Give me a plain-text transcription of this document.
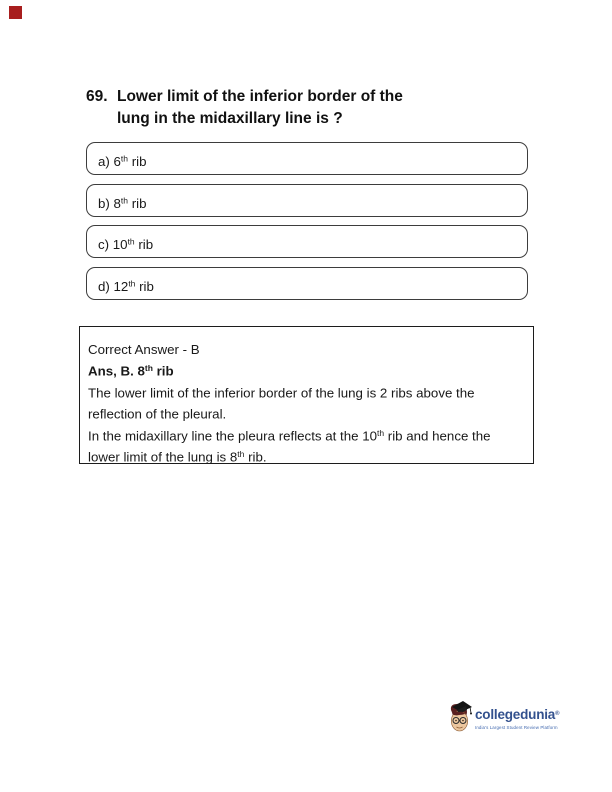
69. Lower limit of the inferior border of the
lung in the midaxillary line is ?
a) 6th rib
b) 8th rib
c) 10th rib
d) 12th rib
Correct Answer - B
Ans, B. 8th rib
The lower limit of the inferior border of the lung is 2 ribs above the
reflection of the pleural.
In the midaxillary line the pleura reflects at the 10th rib and hence the
lower limit of the lung is 8th rib.
collegedunia®
India's Largest Student Review Platform
